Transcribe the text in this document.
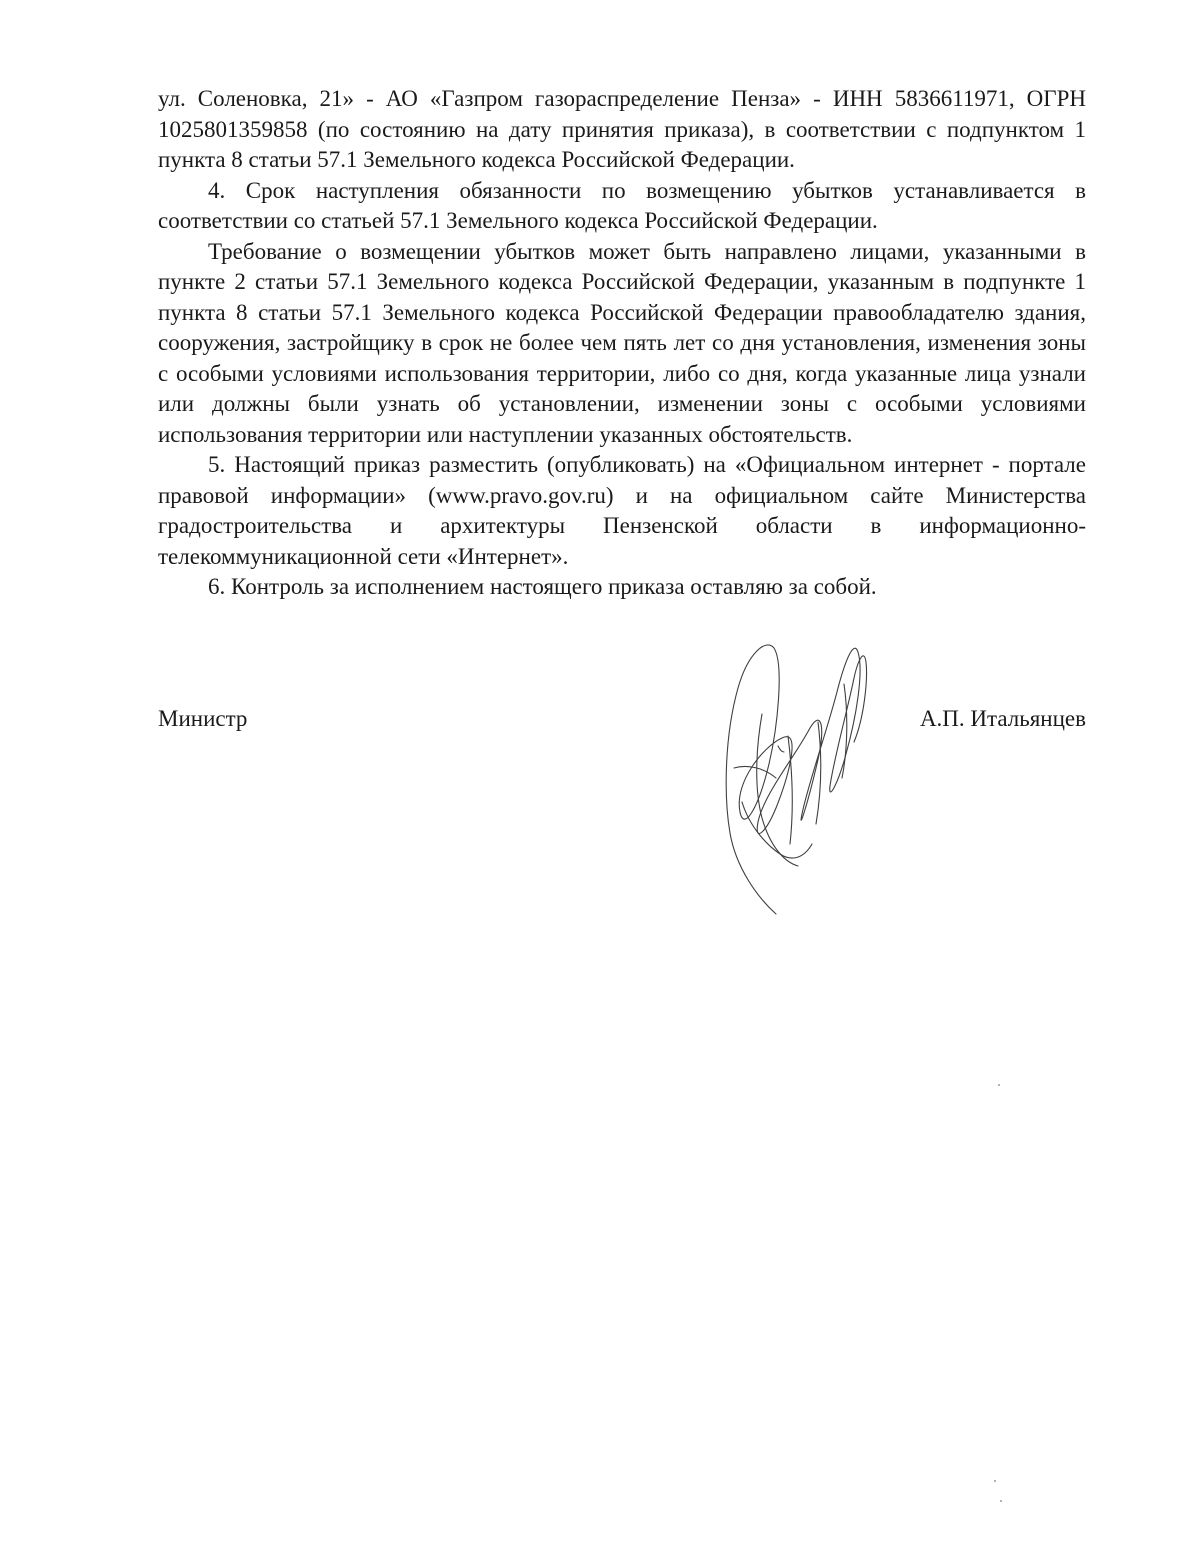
ул. Соленовка, 21» - АО «Газпром газораспределение Пенза» - ИНН 5836611971, ОГРН 1025801359858 (по состоянию на дату принятия приказа), в соответствии с подпунктом 1 пункта 8 статьи 57.1 Земельного кодекса Российской Федерации.

4. Срок наступления обязанности по возмещению убытков устанавливается в соответствии со статьей 57.1 Земельного кодекса Российской Федерации.

Требование о возмещении убытков может быть направлено лицами, указанными в пункте 2 статьи 57.1 Земельного кодекса Российской Федерации, указанным в подпункте 1 пункта 8 статьи 57.1 Земельного кодекса Российской Федерации правообладателю здания, сооружения, застройщику в срок не более чем пять лет со дня установления, изменения зоны с особыми условиями использования территории, либо со дня, когда указанные лица узнали или должны были узнать об установлении, изменении зоны с особыми условиями использования территории или наступлении указанных обстоятельств.

5. Настоящий приказ разместить (опубликовать) на «Официальном интернет - портале правовой информации» (www.pravo.gov.ru) и на официальном сайте Министерства градостроительства и архитектуры Пензенской области в информационно-телекоммуникационной сети «Интернет».

6. Контроль за исполнением настоящего приказа оставляю за собой.

Министр	А.П. Итальянцев
